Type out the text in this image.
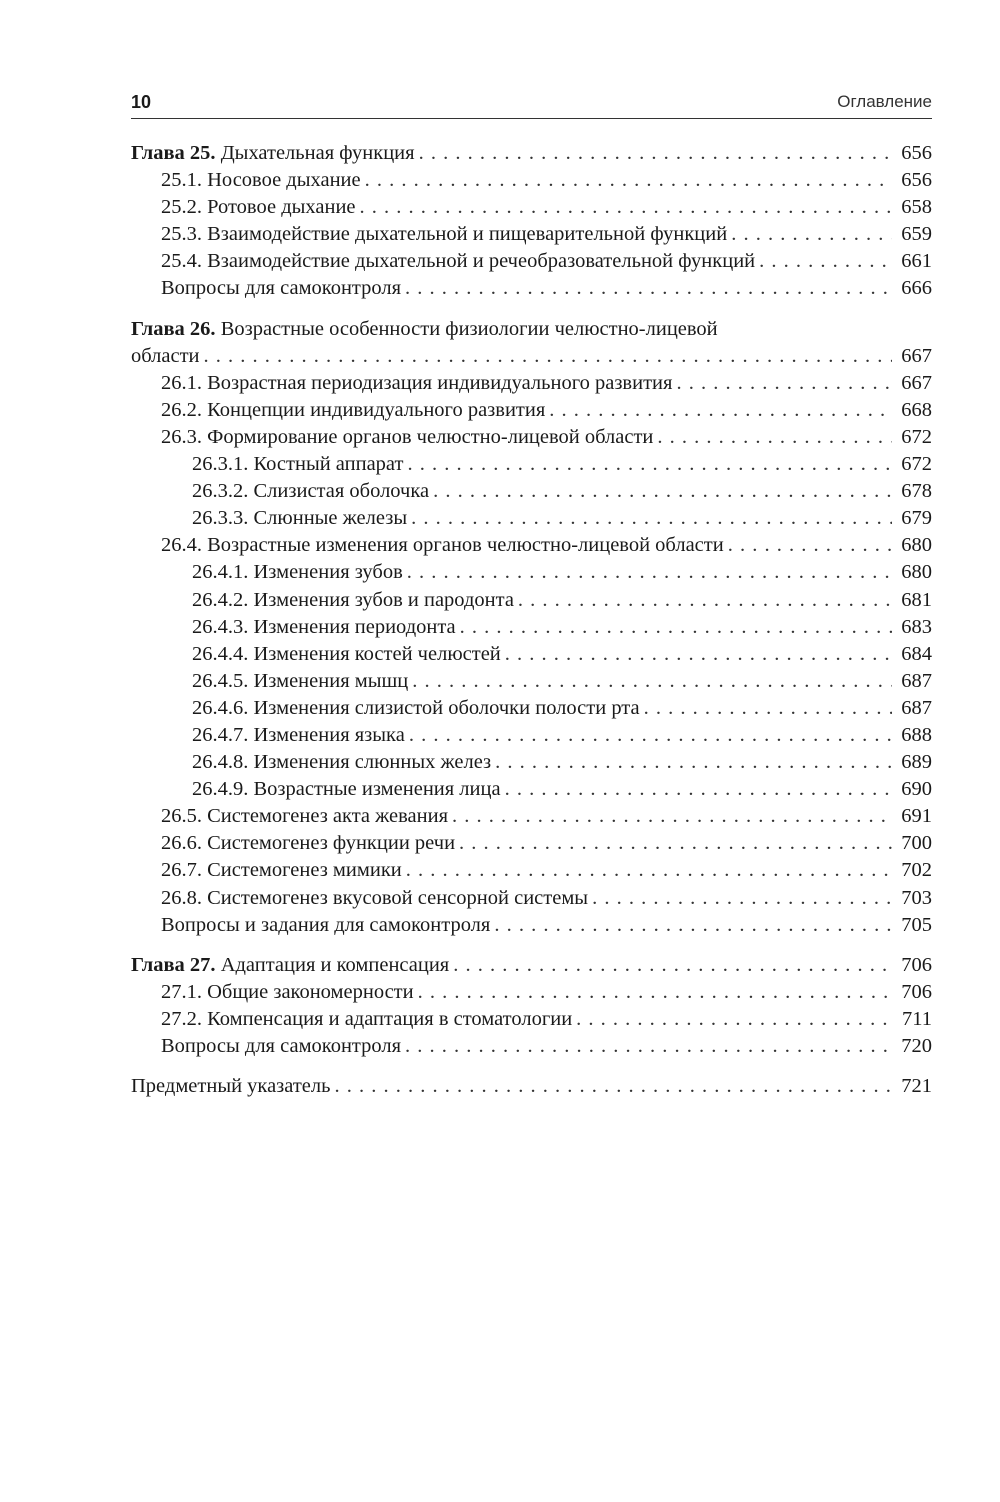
10	Оглавление
Глава 25. Дыхательная функция . . .	656
25.1. Носовое дыхание . . .	656
25.2. Ротовое дыхание . . .	658
25.3. Взаимодействие дыхательной и пищеварительной функций . . .	659
25.4. Взаимодействие дыхательной и речеобразовательной функций . . .	661
Вопросы для самоконтроля . . .	666
Глава 26. Возрастные особенности физиологии челюстно-лицевой
области . . .	667
26.1. Возрастная периодизация индивидуального развития . . .	667
26.2. Концепции индивидуального развития . . .	668
26.3. Формирование органов челюстно-лицевой области . . .	672
26.3.1. Костный аппарат . . .	672
26.3.2. Слизистая оболочка . . .	678
26.3.3. Слюнные железы . . .	679
26.4. Возрастные изменения органов челюстно-лицевой области . . .	680
26.4.1. Изменения зубов . . .	680
26.4.2. Изменения зубов и пародонта . . .	681
26.4.3. Изменения периодонта . . .	683
26.4.4. Изменения костей челюстей . . .	684
26.4.5. Изменения мышц . . .	687
26.4.6. Изменения слизистой оболочки полости рта . . .	687
26.4.7. Изменения языка . . .	688
26.4.8. Изменения слюнных желез . . .	689
26.4.9. Возрастные изменения лица . . .	690
26.5. Системогенез акта жевания . . .	691
26.6. Системогенез функции речи . . .	700
26.7. Системогенез мимики . . .	702
26.8. Системогенез вкусовой сенсорной системы . . .	703
Вопросы и задания для самоконтроля . . .	705
Глава 27. Адаптация и компенсация . . .	706
27.1. Общие закономерности . . .	706
27.2. Компенсация и адаптация в стоматологии . . .	711
Вопросы для самоконтроля . . .	720
Предметный указатель . . .	721
